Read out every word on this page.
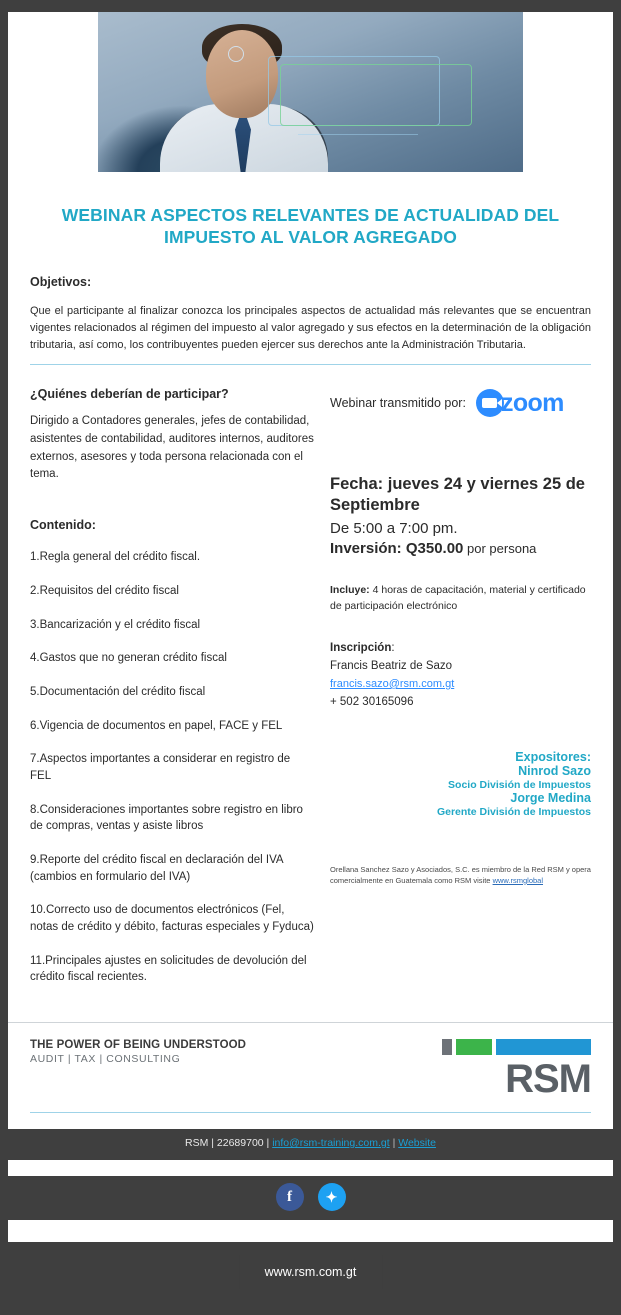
WEBINAR ASPECTOS RELEVANTES DE ACTUALIDAD DEL IMPUESTO AL VALOR AGREGADO
Objetivos:
Que el participante al finalizar conozca los principales aspectos de actualidad más relevantes que se encuentran vigentes relacionados al régimen del impuesto al valor agregado y sus efectos en la determinación de la obligación tributaria, así como, los contribuyentes pueden ejercer sus derechos ante la Administración Tributaria.
¿Quiénes deberían de participar?
Dirigido a Contadores generales, jefes de contabilidad, asistentes de contabilidad, auditores internos, auditores externos, asesores y toda persona relacionada con el tema.
Contenido:
1.Regla general del crédito fiscal.
2.Requisitos del crédito fiscal
3.Bancarización y el crédito fiscal
4.Gastos que no generan crédito fiscal
5.Documentación del crédito fiscal
6.Vigencia de documentos en papel, FACE y FEL
7.Aspectos importantes a considerar en registro de FEL
8.Consideraciones importantes sobre registro en libro de compras, ventas y asiste libros
9.Reporte del crédito fiscal en declaración del IVA (cambios en formulario del IVA)
10.Correcto uso de documentos electrónicos (Fel, notas de crédito y débito, facturas especiales y Fyduca)
11.Principales ajustes en solicitudes de devolución del crédito fiscal recientes.
Webinar transmitido por: zoom
Fecha: jueves 24 y viernes 25 de Septiembre
De 5:00 a 7:00 pm.
Inversión: Q350.00 por persona
Incluye: 4 horas de capacitación, material y certificado de participación electrónico
Inscripción:
Francis Beatriz de Sazo
francis.sazo@rsm.com.gt
+ 502 30165096
Expositores:
Ninrod Sazo
Socio División de Impuestos
Jorge Medina
Gerente División de Impuestos
Orellana Sanchez Sazo y Asociados, S.C. es miembro de la Red RSM y opera comercialmente en Guatemala como RSM visite www.rsmglobal
THE POWER OF BEING UNDERSTOOD
AUDIT | TAX | CONSULTING	RSM
RSM | 22689700 | info@rsm-training.com.gt | Website
f	✦
www.rsm.com.gt
